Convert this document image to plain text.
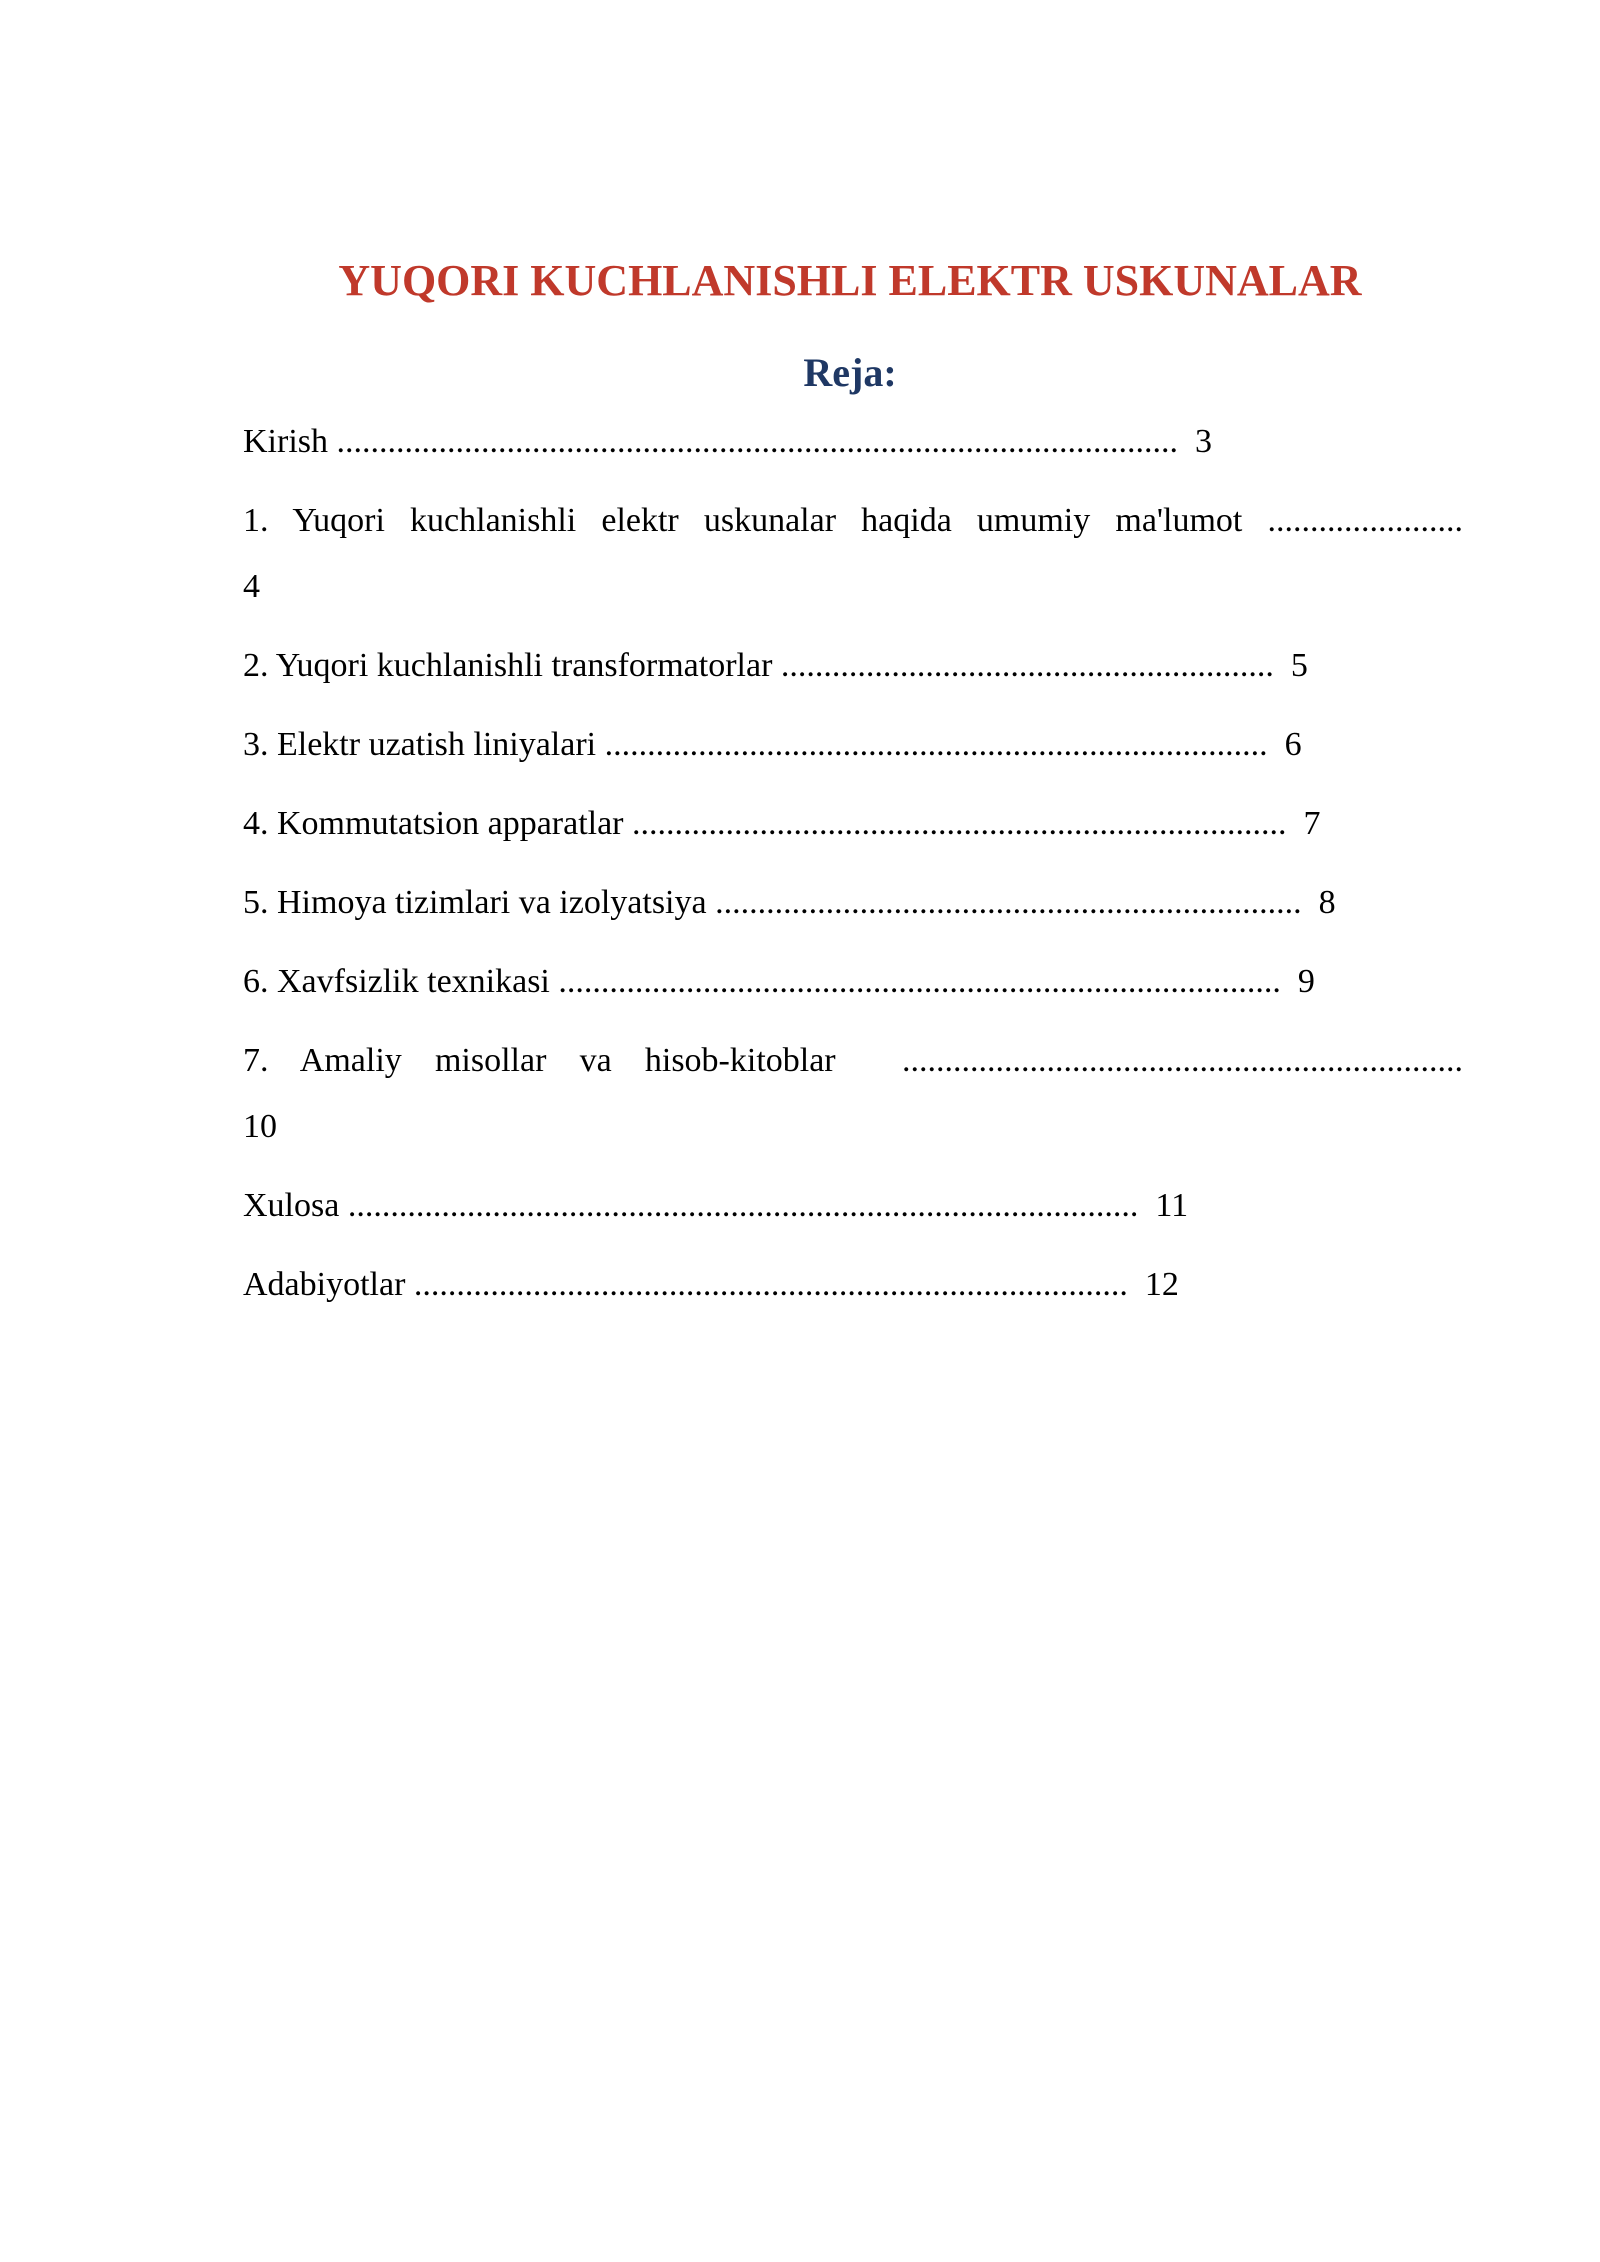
YUQORI KUCHLANISHLI ELEKTR USKUNALAR
Reja:
Kirish ...................................................................................................  3
1. Yuqori kuchlanishli elektr uskunalar haqida umumiy ma'lumot .......................
4
2. Yuqori kuchlanishli transformatorlar ..........................................................  5
3. Elektr uzatish liniyalari ..............................................................................  6
4. Kommutatsion apparatlar .............................................................................  7
5. Himoya tizimlari va izolyatsiya .....................................................................  8
6. Xavfsizlik texnikasi .....................................................................................  9
7. Amaliy misollar va hisob-kitoblar  ..................................................................
10
Xulosa .............................................................................................  11
Adabiyotlar ....................................................................................  12
